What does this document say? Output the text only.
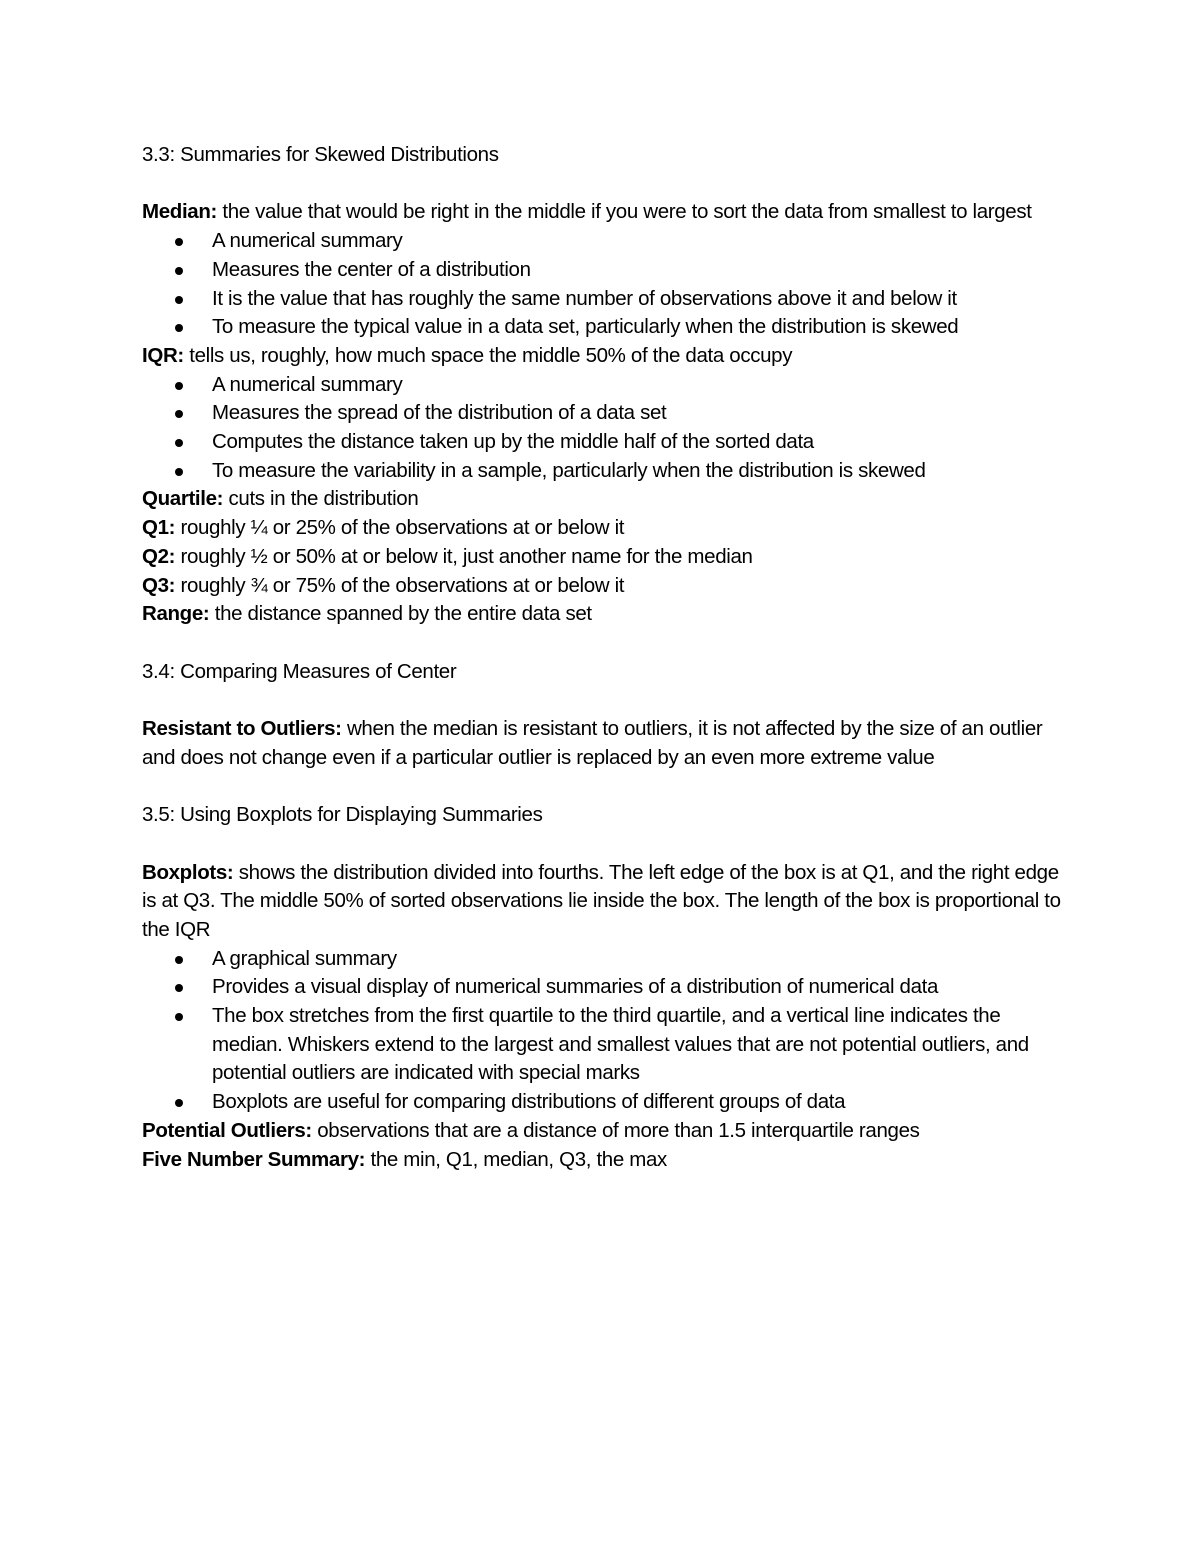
3.3: Summaries for Skewed Distributions

Median: the value that would be right in the middle if you were to sort the data from smallest to largest

A numerical summary
Measures the center of a distribution
It is the value that has roughly the same number of observations above it and below it
To measure the typical value in a data set, particularly when the distribution is skewed

IQR: tells us, roughly, how much space the middle 50% of the data occupy

A numerical summary
Measures the spread of the distribution of a data set
Computes the distance taken up by the middle half of the sorted data
To measure the variability in a sample, particularly when the distribution is skewed

Quartile: cuts in the distribution

Q1: roughly ¼ or 25% of the observations at or below it

Q2: roughly ½ or 50% at or below it, just another name for the median

Q3: roughly ¾ or 75% of the observations at or below it

Range: the distance spanned by the entire data set

3.4: Comparing Measures of Center

Resistant to Outliers: when the median is resistant to outliers, it is not affected by the size of an outlier and does not change even if a particular outlier is replaced by an even more extreme value

3.5: Using Boxplots for Displaying Summaries

Boxplots: shows the distribution divided into fourths. The left edge of the box is at Q1, and the right edge is at Q3. The middle 50% of sorted observations lie inside the box. The length of the box is proportional to the IQR

A graphical summary
Provides a visual display of numerical summaries of a distribution of numerical data
The box stretches from the first quartile to the third quartile, and a vertical line indicates the median. Whiskers extend to the largest and smallest values that are not potential outliers, and potential outliers are indicated with special marks
Boxplots are useful for comparing distributions of different groups of data

Potential Outliers: observations that are a distance of more than 1.5 interquartile ranges

Five Number Summary: the min, Q1, median, Q3, the max
